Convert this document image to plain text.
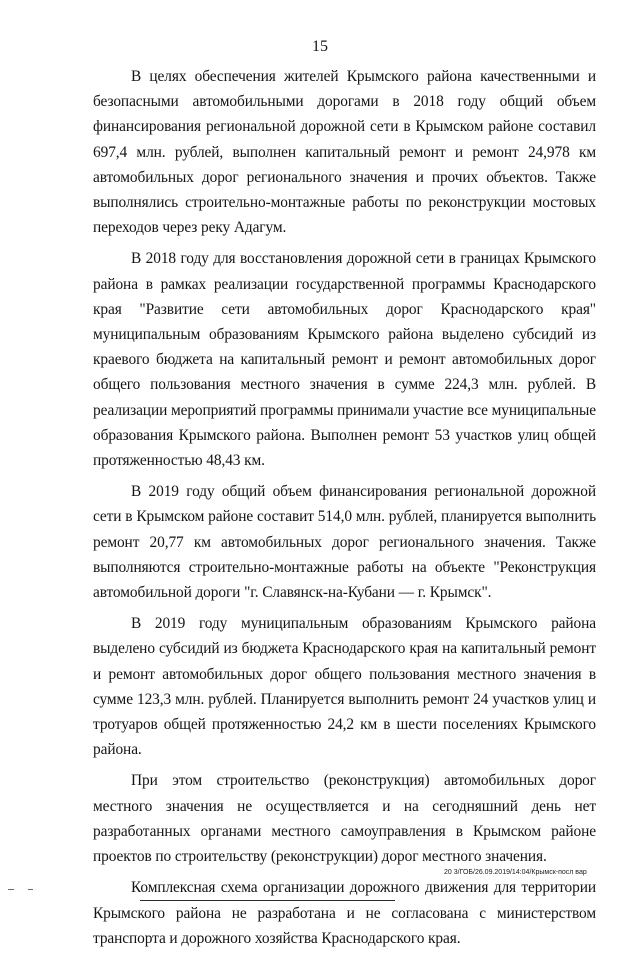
15

В целях обеспечения жителей Крымского района качественными и безопасными автомобильными дорогами в 2018 году общий объем финансирования региональной дорожной сети в Крымском районе составил 697,4 млн. рублей, выполнен капитальный ремонт и ремонт 24,978 км автомобильных дорог регионального значения и прочих объектов. Также выполнялись строительно-монтажные работы по реконструкции мостовых переходов через реку Адагум.

В 2018 году для восстановления дорожной сети в границах Крымского района в рамках реализации государственной программы Краснодарского края "Развитие сети автомобильных дорог Краснодарского края" муниципальным образованиям Крымского района выделено субсидий из краевого бюджета на капитальный ремонт и ремонт автомобильных дорог общего пользования местного значения в сумме 224,3 млн. рублей. В реализации мероприятий программы принимали участие все муниципальные образования Крымского района. Выполнен ремонт 53 участков улиц общей протяженностью 48,43 км.

В 2019 году общий объем финансирования региональной дорожной сети в Крымском районе составит 514,0 млн. рублей, планируется выполнить ремонт 20,77 км автомобильных дорог регионального значения. Также выполняются строительно-монтажные работы на объекте "Реконструкция автомобильной дороги "г. Славянск-на-Кубани — г. Крымск".

В 2019 году муниципальным образованиям Крымского района выделено субсидий из бюджета Краснодарского края на капитальный ремонт и ремонт автомобильных дорог общего пользования местного значения в сумме 123,3 млн. рублей. Планируется выполнить ремонт 24 участков улиц и тротуаров общей протяженностью 24,2 км в шести поселениях Крымского района.

При этом строительство (реконструкция) автомобильных дорог местного значения не осуществляется и на сегодняшний день нет разработанных органами местного самоуправления в Крымском районе проектов по строительству (реконструкции) дорог местного значения.

Комплексная схема организации дорожного движения для территории Крымского района не разработана и не согласована с министерством транспорта и дорожного хозяйства Краснодарского края.

20 3/ГОБ/26.09.2019/14:04/Крымск-посл вар
